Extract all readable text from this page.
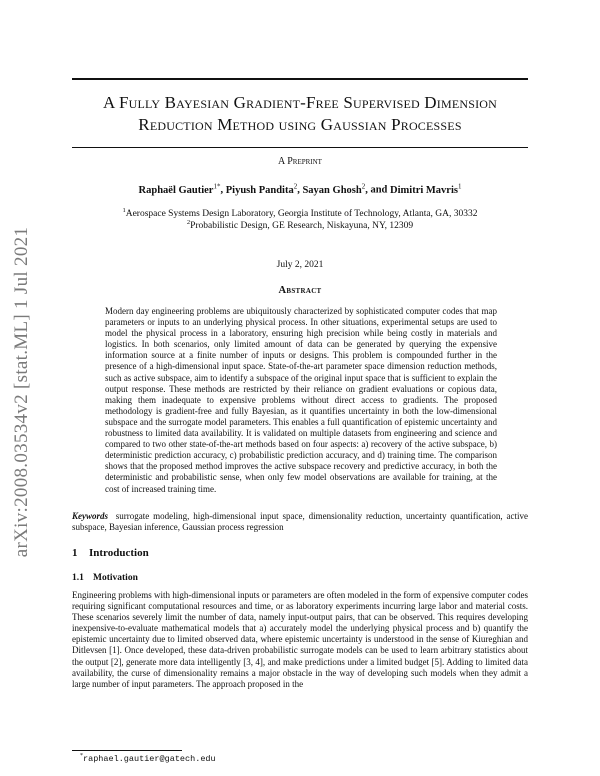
arXiv:2008.03534v2 [stat.ML] 1 Jul 2021
A Fully Bayesian Gradient-Free Supervised Dimension
Reduction Method using Gaussian Processes
A Preprint
Raphaël Gautier$^{1*}$, Piyush Pandita$^2$, Sayan Ghosh$^2$, and Dimitri Mavris$^1$
$^1$Aerospace Systems Design Laboratory, Georgia Institute of Technology, Atlanta, GA, 30332
$^2$Probabilistic Design, GE Research, Niskayuna, NY, 12309
July 2, 2021
Abstract

Modern day engineering problems are ubiquitously characterized by sophisticated computer codes that map parameters or inputs to an underlying physical process. In other situations, experimental setups are used to model the physical process in a laboratory, ensuring high precision while being costly in materials and logistics. In both scenarios, only limited amount of data can be generated by querying the expensive information source at a finite number of inputs or designs. This problem is compounded further in the presence of a high-dimensional input space. State-of-the-art parameter space dimension reduction methods, such as active subspace, aim to identify a subspace of the original input space that is sufficient to explain the output response. These methods are restricted by their reliance on gradient evaluations or copious data, making them inadequate to expensive problems without direct access to gradients. The proposed methodology is gradient-free and fully Bayesian, as it quantifies uncertainty in both the low-dimensional subspace and the surrogate model parameters. This enables a full quantification of epistemic uncertainty and robustness to limited data availability. It is validated on multiple datasets from engineering and science and compared to two other state-of-the-art methods based on four aspects: a) recovery of the active subspace, b) deterministic prediction accuracy, c) probabilistic prediction accuracy, and d) training time. The comparison shows that the proposed method improves the active subspace recovery and predictive accuracy, in both the deterministic and probabilistic sense, when only few model observations are available for training, at the cost of increased training time.

Keywords surrogate modeling, high-dimensional input space, dimensionality reduction, uncertainty quantification, active subspace, Bayesian inference, Gaussian process regression

1 Introduction
1.1 Motivation

Engineering problems with high-dimensional inputs or parameters are often modeled in the form of expensive computer codes requiring significant computational resources and time, or as laboratory experiments incurring large labor and material costs. These scenarios severely limit the number of data, namely input-output pairs, that can be observed. This requires developing inexpensive-to-evaluate mathematical models that a) accurately model the underlying physical process and b) quantify the epistemic uncertainty due to limited observed data, where epistemic uncertainty is understood in the sense of Kiureghian and Ditlevsen [1]. Once developed, these data-driven probabilistic surrogate models can be used to learn arbitrary statistics about the output [2], generate more data intelligently [3, 4], and make predictions under a limited budget [5]. Adding to limited data availability, the curse of dimensionality remains a major obstacle in the way of developing such models when they admit a large number of input parameters. The approach proposed in the

*raphael.gautier@gatech.edu
